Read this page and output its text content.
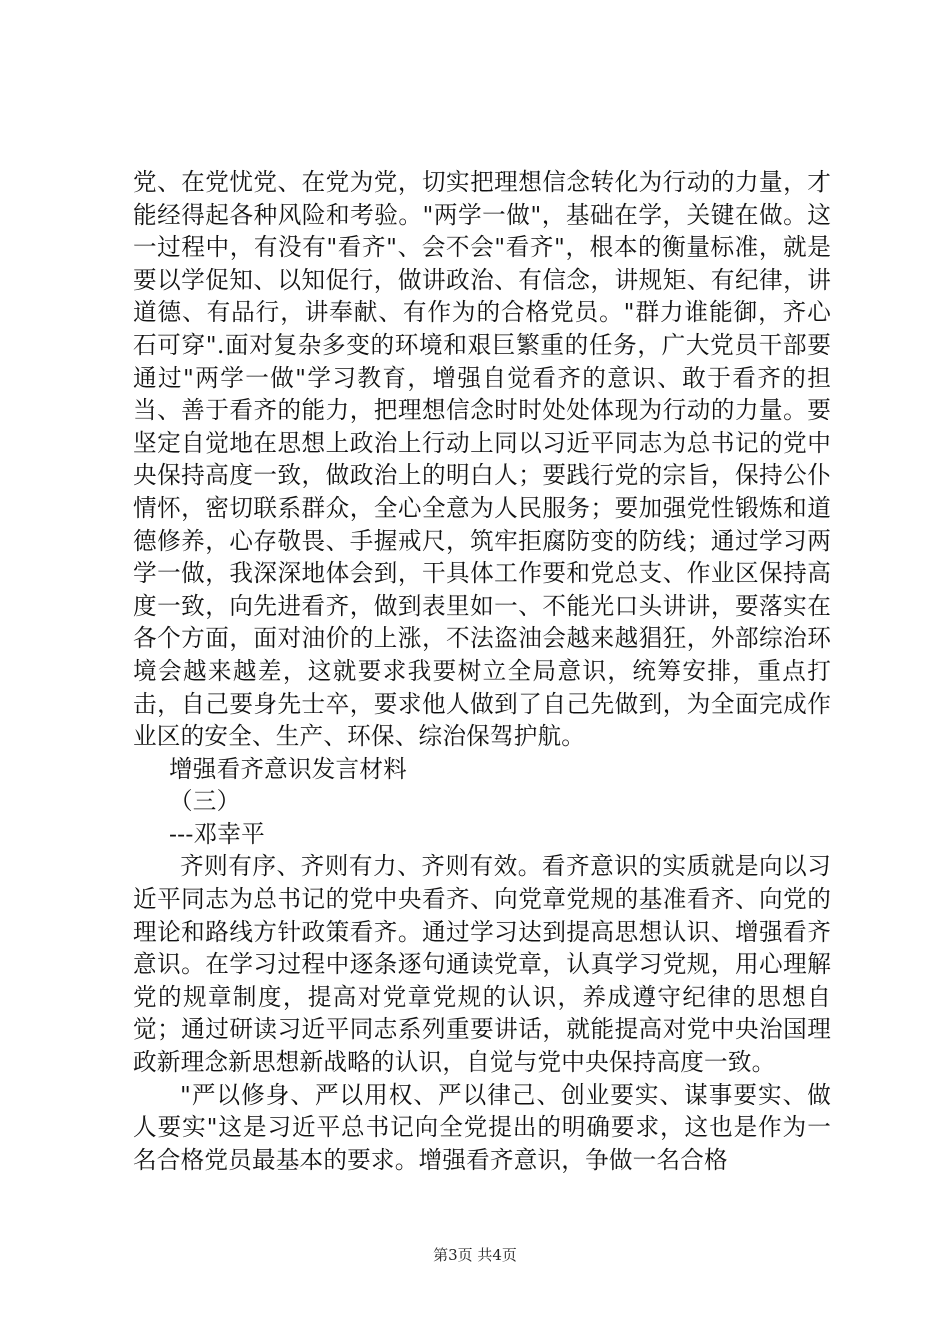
党、在党忧党、在党为党，切实把理想信念转化为行动的力量，才能经得起各种风险和考验。"两学一做"，基础在学，关键在做。这一过程中，有没有"看齐"、会不会"看齐"，根本的衡量标准，就是要以学促知、以知促行，做讲政治、有信念，讲规矩、有纪律，讲道德、有品行，讲奉献、有作为的合格党员。"群力谁能御，齐心石可穿".面对复杂多变的环境和艰巨繁重的任务，广大党员干部要通过"两学一做"学习教育，增强自觉看齐的意识、敢于看齐的担当、善于看齐的能力，把理想信念时时处处体现为行动的力量。要坚定自觉地在思想上政治上行动上同以习近平同志为总书记的党中央保持高度一致，做政治上的明白人；要践行党的宗旨，保持公仆情怀，密切联系群众，全心全意为人民服务；要加强党性锻炼和道德修养，心存敬畏、手握戒尺，筑牢拒腐防变的防线；通过学习两学一做，我深深地体会到，干具体工作要和党总支、作业区保持高度一致，向先进看齐，做到表里如一、不能光口头讲讲，要落实在各个方面，面对油价的上涨，不法盗油会越来越猖狂，外部综治环境会越来越差，这就要求我要树立全局意识，统筹安排，重点打击，自己要身先士卒，要求他人做到了自己先做到，为全面完成作业区的安全、生产、环保、综治保驾护航。

增强看齐意识发言材料

（三）

---邓幸平

齐则有序、齐则有力、齐则有效。看齐意识的实质就是向以习近平同志为总书记的党中央看齐、向党章党规的基准看齐、向党的理论和路线方针政策看齐。通过学习达到提高思想认识、增强看齐意识。在学习过程中逐条逐句通读党章，认真学习党规，用心理解党的规章制度，提高对党章党规的认识，养成遵守纪律的思想自觉；通过研读习近平同志系列重要讲话，就能提高对党中央治国理政新理念新思想新战略的认识，自觉与党中央保持高度一致。

"严以修身、严以用权、严以律己、创业要实、谋事要实、做人要实"这是习近平总书记向全党提出的明确要求，这也是作为一名合格党员最基本的要求。增强看齐意识，争做一名合格

第3页 共4页
